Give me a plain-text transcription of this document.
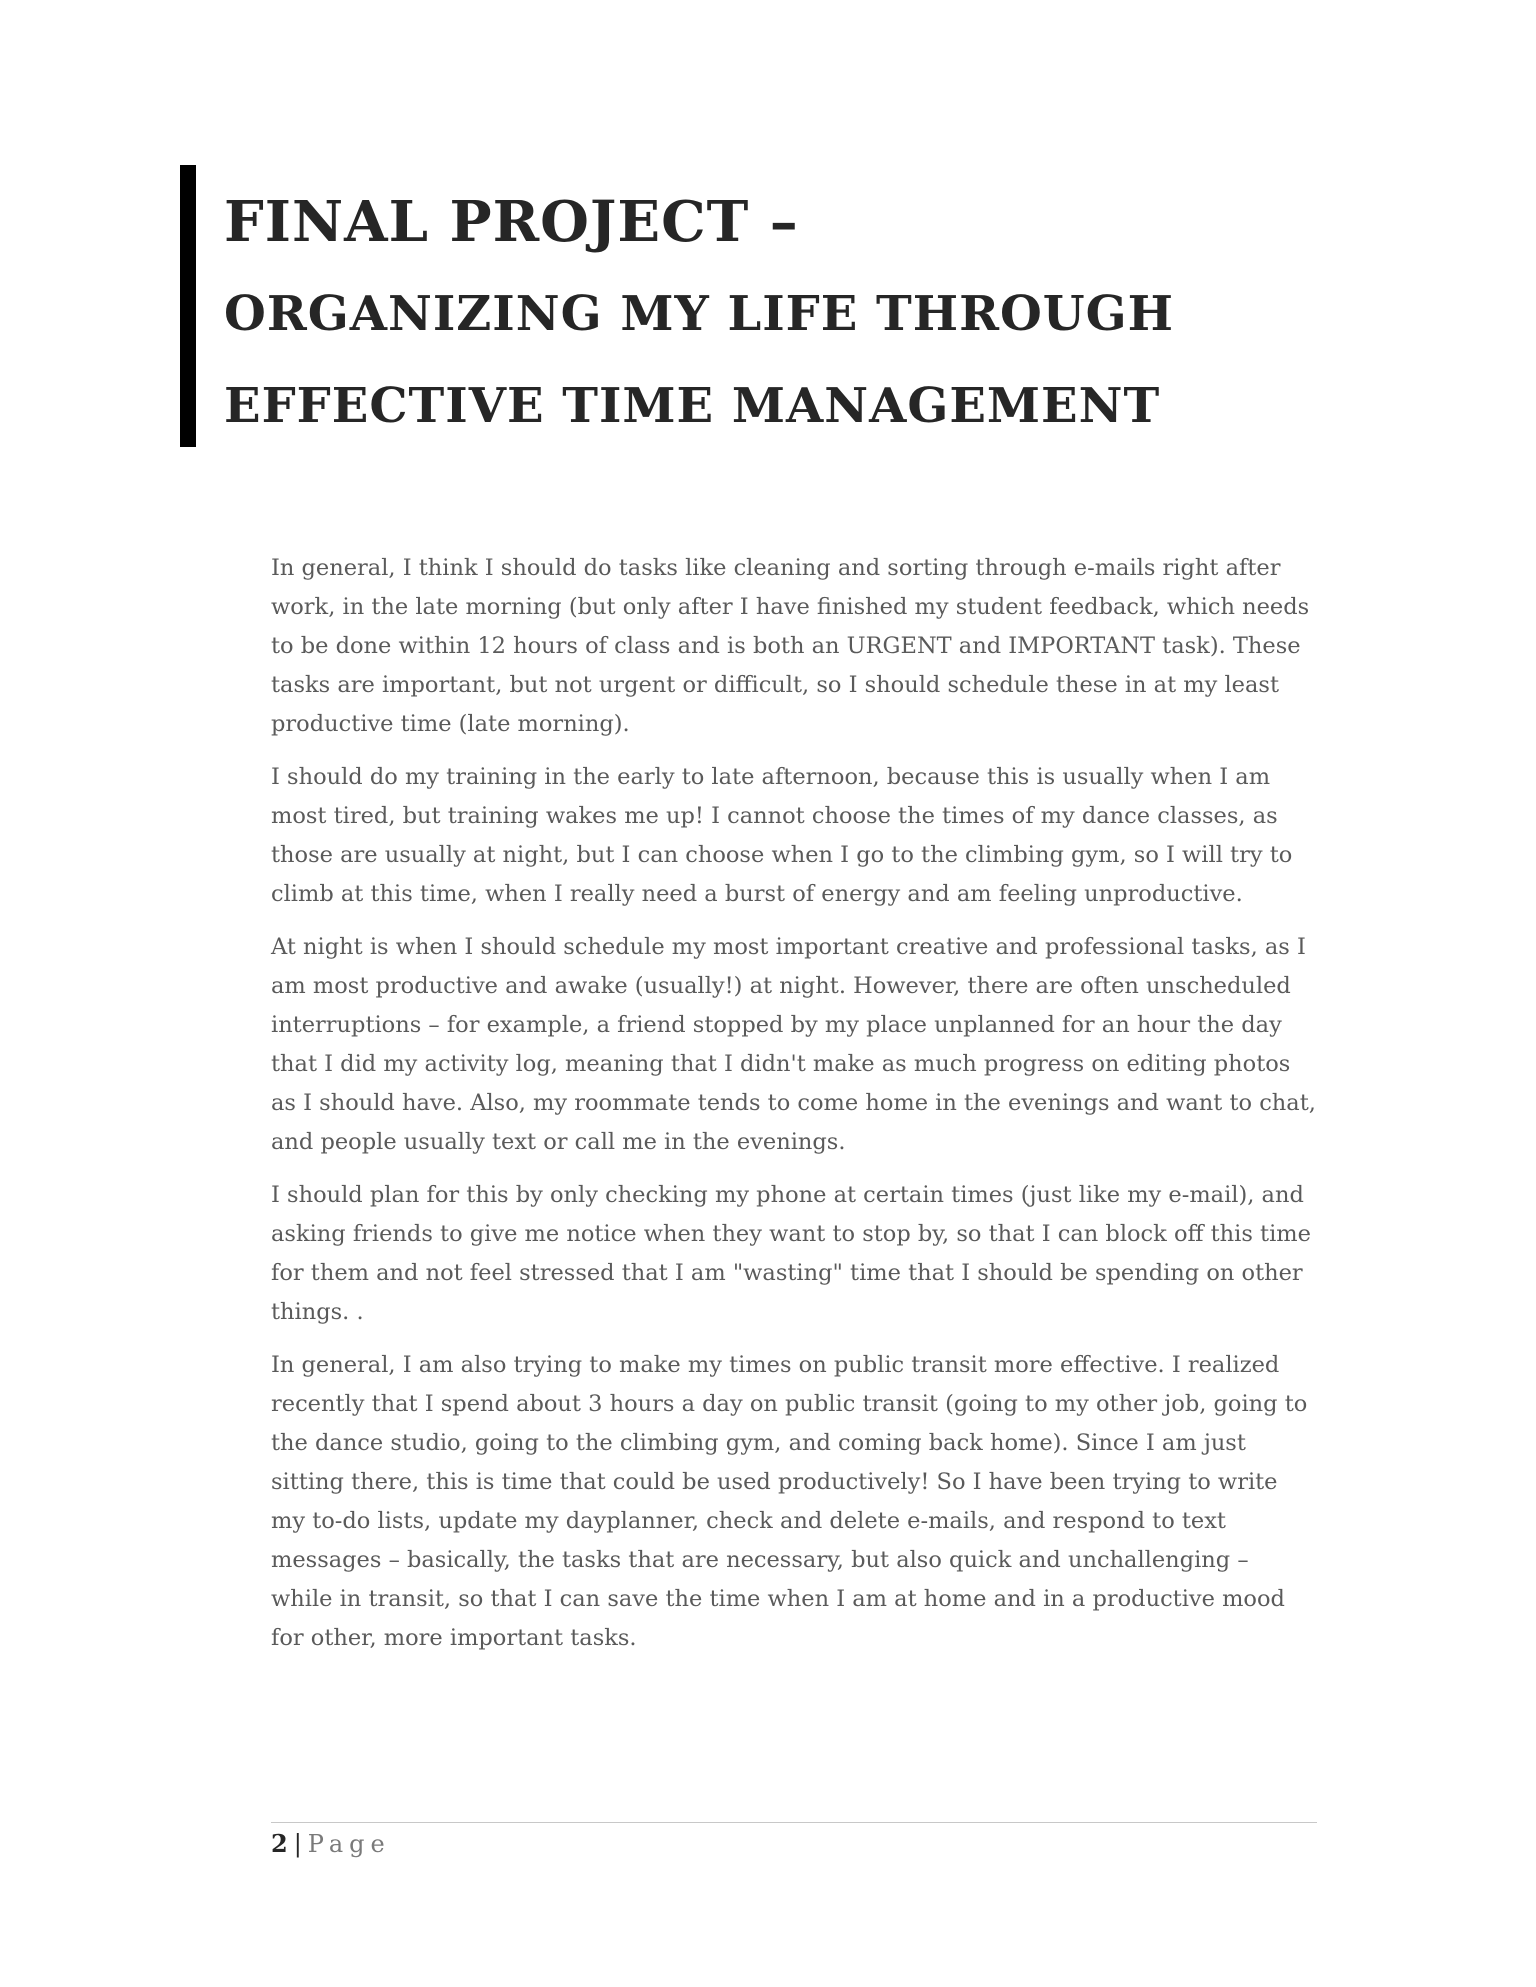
FINAL PROJECT –
ORGANIZING MY LIFE THROUGH
EFFECTIVE TIME MANAGEMENT

In general, I think I should do tasks like cleaning and sorting through e-mails right after work, in the late morning (but only after I have finished my student feedback, which needs to be done within 12 hours of class and is both an URGENT and IMPORTANT task). These tasks are important, but not urgent or difficult, so I should schedule these in at my least productive time (late morning).

I should do my training in the early to late afternoon, because this is usually when I am most tired, but training wakes me up! I cannot choose the times of my dance classes, as those are usually at night, but I can choose when I go to the climbing gym, so I will try to climb at this time, when I really need a burst of energy and am feeling unproductive.

At night is when I should schedule my most important creative and professional tasks, as I am most productive and awake (usually!) at night. However, there are often unscheduled interruptions – for example, a friend stopped by my place unplanned for an hour the day that I did my activity log, meaning that I didn't make as much progress on editing photos as I should have. Also, my roommate tends to come home in the evenings and want to chat, and people usually text or call me in the evenings.

I should plan for this by only checking my phone at certain times (just like my e-mail), and asking friends to give me notice when they want to stop by, so that I can block off this time for them and not feel stressed that I am "wasting" time that I should be spending on other things. .

In general, I am also trying to make my times on public transit more effective. I realized recently that I spend about 3 hours a day on public transit (going to my other job, going to the dance studio, going to the climbing gym, and coming back home). Since I am just sitting there, this is time that could be used productively! So I have been trying to write my to-do lists, update my dayplanner, check and delete e-mails, and respond to text messages – basically, the tasks that are necessary, but also quick and unchallenging – while in transit, so that I can save the time when I am at home and in a productive mood for other, more important tasks.

2 | Page
